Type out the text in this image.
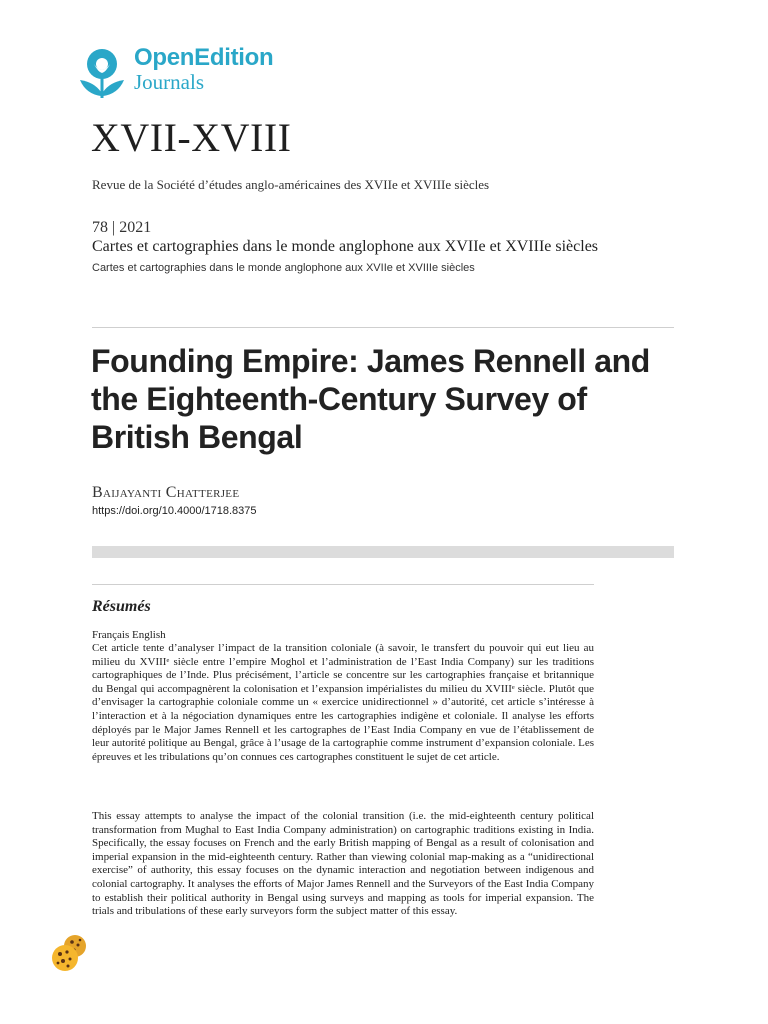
OpenEdition
Journals
XVII-XVIII
Revue de la Société d’études anglo-américaines des XVIIe et XVIIIe siècles
78 | 2021
Cartes et cartographies dans le monde anglophone aux XVIIe et XVIIIe siècles
Cartes et cartographies dans le monde anglophone aux XVIIe et XVIIIe siècles
Founding Empire: James Rennell and the Eighteenth-Century Survey of British Bengal
Baijayanti Chatterjee
https://doi.org/10.4000/1718.8375
Résumés
Français English

Cet article tente d’analyser l’impact de la transition coloniale (à savoir, le transfert du pouvoir qui eut lieu au milieu du XVIIIᵉ siècle entre l’empire Moghol et l’administration de l’East India Company) sur les traditions cartographiques de l’Inde. Plus précisément, l’article se concentre sur les cartographies française et britannique du Bengal qui accompagnèrent la colonisation et l’expansion impérialistes du milieu du XVIIIᵉ siècle. Plutôt que d’envisager la cartographie coloniale comme un « exercice unidirectionnel » d’autorité, cet article s’intéresse à l’interaction et à la négociation dynamiques entre les cartographies indigène et coloniale. Il analyse les efforts déployés par le Major James Rennell et les cartographes de l’East India Company en vue de l’établissement de leur autorité politique au Bengal, grâce à l’usage de la cartographie comme instrument d’expansion coloniale. Les épreuves et les tribulations qu’on connues ces cartographes constituent le sujet de cet article.

This essay attempts to analyse the impact of the colonial transition (i.e. the mid-eighteenth century political transformation from Mughal to East India Company administration) on cartographic traditions existing in India. Specifically, the essay focuses on French and the early British mapping of Bengal as a result of colonisation and imperial expansion in the mid-eighteenth century. Rather than viewing colonial map-making as a “unidirectional exercise” of authority, this essay focuses on the dynamic interaction and negotiation between indigenous and colonial cartography. It analyses the efforts of Major James Rennell and the Surveyors of the East India Company to establish their political authority in Bengal using surveys and mapping as tools for imperial expansion. The trials and tribulations of these early surveyors form the subject matter of this essay.
